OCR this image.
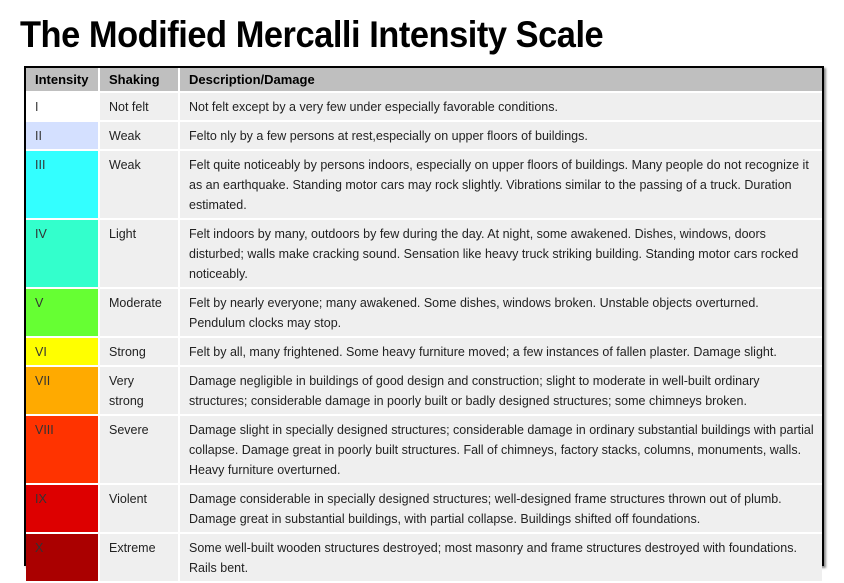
The Modified Mercalli Intensity Scale
Intensity	Shaking	Description/Damage
I	Not felt	Not felt except by a very few under especially favorable conditions.
II	Weak	Felto nly by a few persons at rest,especially on upper floors of buildings.
III	Weak	Felt quite noticeably by persons indoors, especially on upper floors of buildings. Many people do not recognize it as an earthquake. Standing motor cars may rock slightly. Vibrations similar to the passing of a truck. Duration estimated.
IV	Light	Felt indoors by many, outdoors by few during the day. At night, some awakened. Dishes, windows, doors disturbed; walls make cracking sound. Sensation like heavy truck striking building. Standing motor cars rocked noticeably.
V	Moderate	Felt by nearly everyone; many awakened. Some dishes, windows broken. Unstable objects overturned. Pendulum clocks may stop.
VI	Strong	Felt by all, many frightened. Some heavy furniture moved; a few instances of fallen plaster. Damage slight.
VII	Very strong	Damage negligible in buildings of good design and construction; slight to moderate in well-built ordinary structures; considerable damage in poorly built or badly designed structures; some chimneys broken.
VIII	Severe	Damage slight in specially designed structures; considerable damage in ordinary substantial buildings with partial collapse. Damage great in poorly built structures. Fall of chimneys, factory stacks, columns, monuments, walls. Heavy furniture overturned.
IX	Violent	Damage considerable in specially designed structures; well-designed frame structures thrown out of plumb. Damage great in substantial buildings, with partial collapse. Buildings shifted off foundations.
X	Extreme	Some well-built wooden structures destroyed; most masonry and frame structures destroyed with foundations. Rails bent.
